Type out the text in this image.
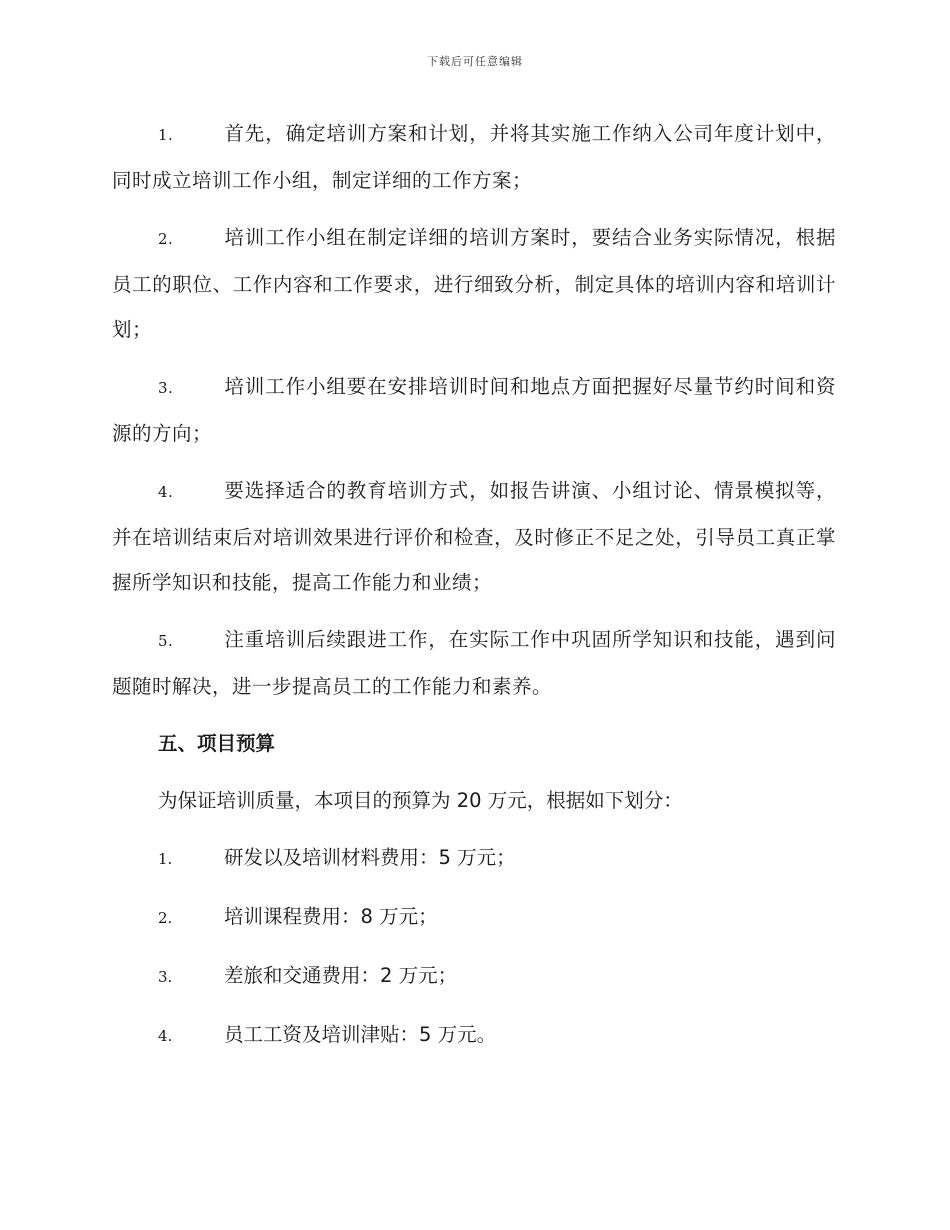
下载后可任意编辑
1.	首先，确定培训方案和计划，并将其实施工作纳入公司年度计划中，同时成立培训工作小组，制定详细的工作方案；
2.	培训工作小组在制定详细的培训方案时，要结合业务实际情况，根据员工的职位、工作内容和工作要求，进行细致分析，制定具体的培训内容和培训计划；
3.	培训工作小组要在安排培训时间和地点方面把握好尽量节约时间和资源的方向；
4.	要选择适合的教育培训方式，如报告讲演、小组讨论、情景模拟等，并在培训结束后对培训效果进行评价和检查，及时修正不足之处，引导员工真正掌握所学知识和技能，提高工作能力和业绩；
5.	注重培训后续跟进工作，在实际工作中巩固所学知识和技能，遇到问题随时解决，进一步提高员工的工作能力和素养。
五、项目预算
为保证培训质量，本项目的预算为 20 万元，根据如下划分：
1.	研发以及培训材料费用：5 万元；
2.	培训课程费用：8 万元；
3.	差旅和交通费用：2 万元；
4.	员工工资及培训津贴：5 万元。
